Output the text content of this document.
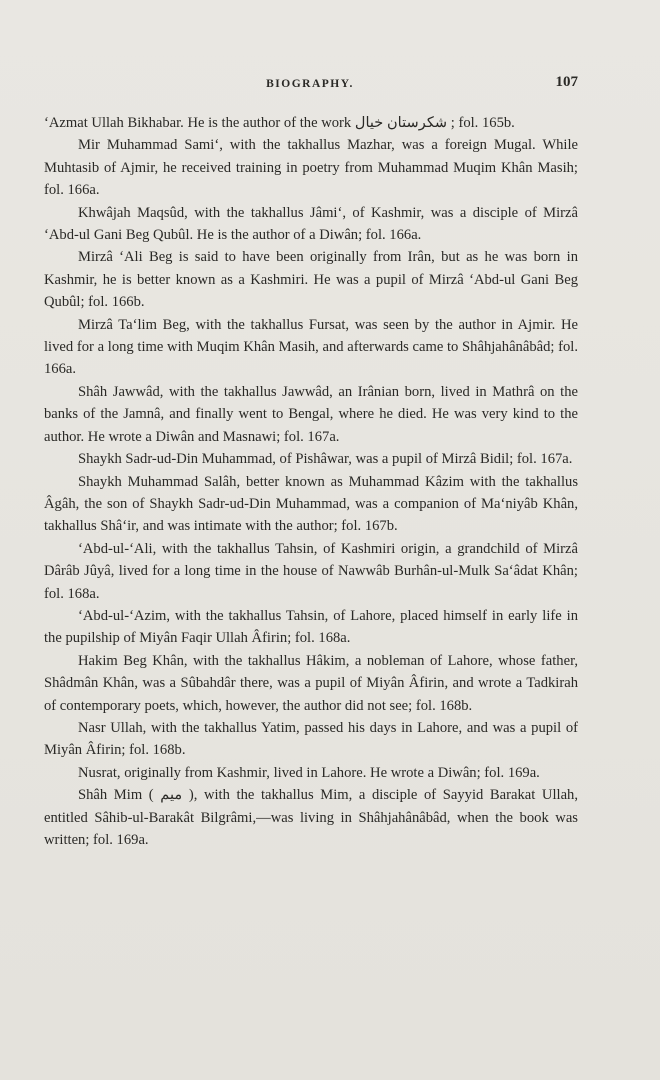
BIOGRAPHY.	107

‘Azmat Ullah Bikhabar. He is the author of the work شکرستان خیال ; fol. 165b.

Mir Muhammad Sami‘, with the takhallus Mazhar, was a foreign Mugal. While Muhtasib of Ajmir, he received training in poetry from Muhammad Muqim Khân Masih; fol. 166a.

Khwâjah Maqsûd, with the takhallus Jâmi‘, of Kashmir, was a disciple of Mirzâ ‘Abd-ul Gani Beg Qubûl. He is the author of a Diwân; fol. 166a.

Mirzâ ‘Ali Beg is said to have been originally from Irân, but as he was born in Kashmir, he is better known as a Kashmiri. He was a pupil of Mirzâ ‘Abd-ul Gani Beg Qubûl; fol. 166b.

Mirzâ Ta‘lim Beg, with the takhallus Fursat, was seen by the author in Ajmir. He lived for a long time with Muqim Khân Masih, and afterwards came to Shâhjahânâbâd; fol. 166a.

Shâh Jawwâd, with the takhallus Jawwâd, an Irânian born, lived in Mathrâ on the banks of the Jamnâ, and finally went to Bengal, where he died. He was very kind to the author. He wrote a Diwân and Masnawi; fol. 167a.

Shaykh Sadr-ud-Din Muhammad, of Pishâwar, was a pupil of Mirzâ Bidil; fol. 167a.

Shaykh Muhammad Salâh, better known as Muhammad Kâzim with the takhallus Âgâh, the son of Shaykh Sadr-ud-Din Muhammad, was a companion of Ma‘niyâb Khân, takhallus Shâ‘ir, and was intimate with the author; fol. 167b.

‘Abd-ul-‘Ali, with the takhallus Tahsin, of Kashmiri origin, a grandchild of Mirzâ Dârâb Jûyâ, lived for a long time in the house of Nawwâb Burhân-ul-Mulk Sa‘âdat Khân; fol. 168a.

‘Abd-ul-‘Azim, with the takhallus Tahsin, of Lahore, placed himself in early life in the pupilship of Miyân Faqir Ullah Âfirin; fol. 168a.

Hakim Beg Khân, with the takhallus Hâkim, a nobleman of Lahore, whose father, Shâdmân Khân, was a Sûbahdâr there, was a pupil of Miyân Âfirin, and wrote a Tadkirah of contemporary poets, which, however, the author did not see; fol. 168b.

Nasr Ullah, with the takhallus Yatim, passed his days in Lahore, and was a pupil of Miyân Âfirin; fol. 168b.

Nusrat, originally from Kashmir, lived in Lahore. He wrote a Diwân; fol. 169a.

Shâh Mim ( میم ), with the takhallus Mim, a disciple of Sayyid Barakat Ullah, entitled Sâhib-ul-Barakât Bilgrâmi,—was living in Shâhjahânâbâd, when the book was written; fol. 169a.
